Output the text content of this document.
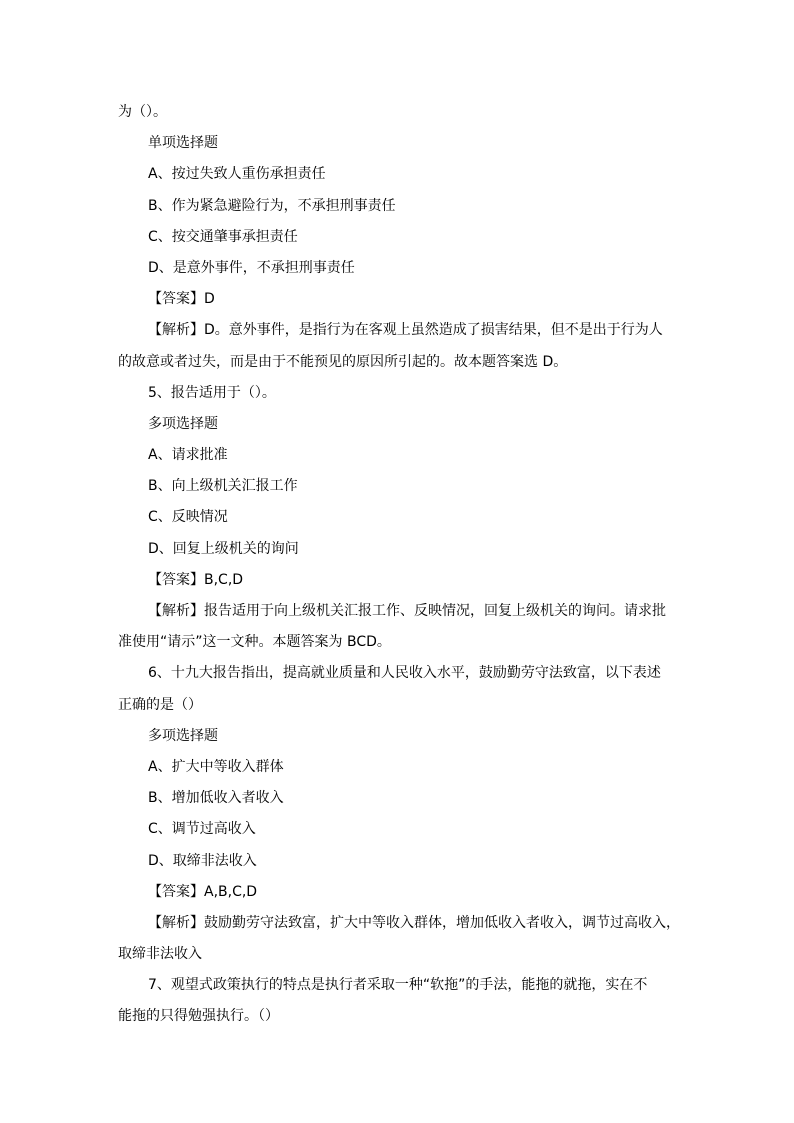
为（）。
单项选择题
A、按过失致人重伤承担责任
B、作为紧急避险行为，不承担刑事责任
C、按交通肇事承担责任
D、是意外事件，不承担刑事责任
【答案】D
【解析】D。意外事件，是指行为在客观上虽然造成了损害结果，但不是出于行为人
的故意或者过失，而是由于不能预见的原因所引起的。故本题答案选 D。
5、报告适用于（）。
多项选择题
A、请求批准
B、向上级机关汇报工作
C、反映情况
D、回复上级机关的询问
【答案】B,C,D
【解析】报告适用于向上级机关汇报工作、反映情况，回复上级机关的询问。请求批
准使用“请示”这一文种。本题答案为 BCD。
6、十九大报告指出，提高就业质量和人民收入水平，鼓励勤劳守法致富，以下表述
正确的是（）
多项选择题
A、扩大中等收入群体
B、增加低收入者收入
C、调节过高收入
D、取缔非法收入
【答案】A,B,C,D
【解析】鼓励勤劳守法致富，扩大中等收入群体，增加低收入者收入，调节过高收入，
取缔非法收入
7、观望式政策执行的特点是执行者采取一种“软拖”的手法，能拖的就拖，实在不
能拖的只得勉强执行。（）
